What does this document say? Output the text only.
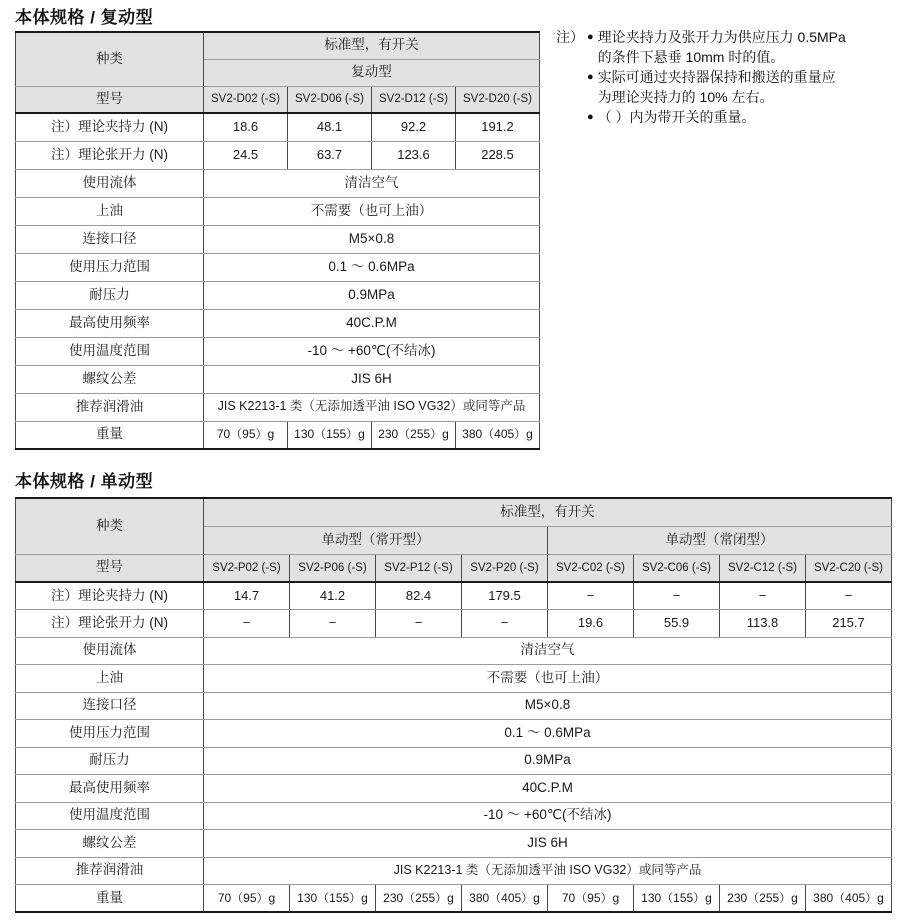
本体规格 / 复动型
种类	标准型，有开关			
	复动型			
型号	SV2-D02 (-S)	SV2-D06 (-S)	SV2-D12 (-S)	SV2-D20 (-S)
注）理论夹持力 (N)	18.6	48.1	92.2	191.2
注）理论张开力 (N)	24.5	63.7	123.6	228.5
使用流体	清洁空气			
上油	不需要（也可上油）			
连接口径	M5×0.8			
使用压力范围	0.1 ～ 0.6MPa			
耐压力	0.9MPa			
最高使用频率	40C.P.M			
使用温度范围	-10 ～ +60℃(不结冰)			
螺纹公差	JIS 6H			
推荐润滑油	JIS K2213-1 类（无添加透平油 ISO VG32）或同等产品			
重量	70（95）g	130（155）g	230（255）g	380（405）g
注） ● 理论夹持力及张开力为供应压力 0.5MPa 的条件下悬垂 10mm 时的值。
● 实际可通过夹持器保持和搬送的重量应为理论夹持力的 10% 左右。
● （ ）内为带开关的重量。
本体规格 / 单动型
种类	标准型，有开关							
	单动型（常开型）				单动型（常闭型）			
型号	SV2-P02 (-S)	SV2-P06 (-S)	SV2-P12 (-S)	SV2-P20 (-S)	SV2-C02 (-S)	SV2-C06 (-S)	SV2-C12 (-S)	SV2-C20 (-S)
注）理论夹持力 (N)	14.7	41.2	82.4	179.5	−	−	−	−
注）理论张开力 (N)	−	−	−	−	19.6	55.9	113.8	215.7
使用流体	清洁空气							
上油	不需要（也可上油）							
连接口径	M5×0.8							
使用压力范围	0.1 ～ 0.6MPa							
耐压力	0.9MPa							
最高使用频率	40C.P.M							
使用温度范围	-10 ～ +60℃(不结冰)							
螺纹公差	JIS 6H							
推荐润滑油	JIS K2213-1 类（无添加透平油 ISO VG32）或同等产品							
重量	70（95）g	130（155）g	230（255）g	380（405）g	70（95）g	130（155）g	230（255）g	380（405）g
